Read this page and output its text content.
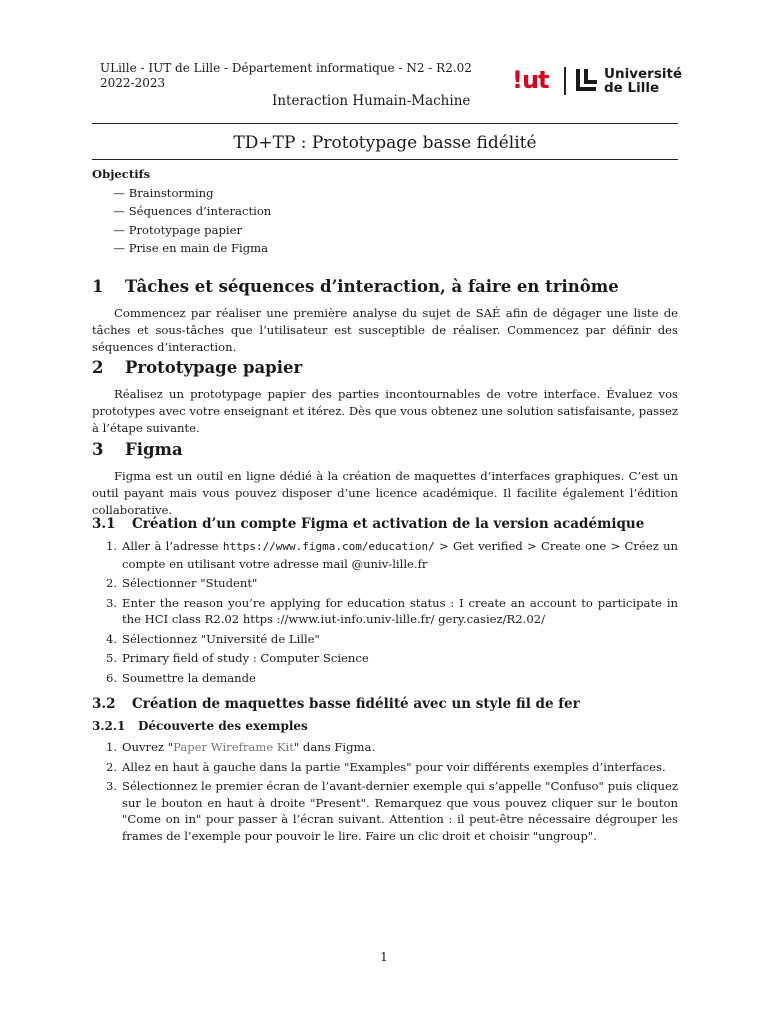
ULille - IUT de Lille - Département informatique - N2 - R2.02
2022-2023
Interaction Humain-Machine
!ut	Université
de Lille
TD+TP : Prototypage basse fidélité
Objectifs
— Brainstorming
— Séquences d’interaction
— Prototypage papier
— Prise en main de Figma
1 Tâches et séquences d’interaction, à faire en trinôme

Commencez par réaliser une première analyse du sujet de SAÉ afin de dégager une liste de tâches et sous-tâches que l’utilisateur est susceptible de réaliser. Commencez par définir des séquences d’interaction.

2 Prototypage papier

Réalisez un prototypage papier des parties incontournables de votre interface. Évaluez vos prototypes avec votre enseignant et itérez. Dès que vous obtenez une solution satisfaisante, passez à l’étape suivante.

3 Figma

Figma est un outil en ligne dédié à la création de maquettes d’interfaces graphiques. C’est un outil payant mais vous pouvez disposer d’une licence académique. Il facilite également l’édition collaborative.

3.1 Création d’un compte Figma et activation de la version académique
1. Aller à l’adresse https://www.figma.com/education/ > Get verified > Create one > Créez un compte en utilisant votre adresse mail @univ-lille.fr
2. Sélectionner "Student"
3. Enter the reason you’re applying for education status : I create an account to participate in the HCI class R2.02 https ://www.iut-info.univ-lille.fr/ gery.casiez/R2.02/
4. Sélectionnez "Université de Lille"
5. Primary field of study : Computer Science
6. Soumettre la demande
3.2 Création de maquettes basse fidélité avec un style fil de fer
3.2.1 Découverte des exemples
1. Ouvrez "Paper Wireframe Kit" dans Figma.
2. Allez en haut à gauche dans la partie "Examples" pour voir différents exemples d’interfaces.
3. Sélectionnez le premier écran de l’avant-dernier exemple qui s’appelle "Confuso" puis cliquez sur le bouton en haut à droite "Present". Remarquez que vous pouvez cliquer sur le bouton "Come on in" pour passer à l’écran suivant. Attention : il peut-être nécessaire dégrouper les frames de l’exemple pour pouvoir le lire. Faire un clic droit et choisir "ungroup".
1
